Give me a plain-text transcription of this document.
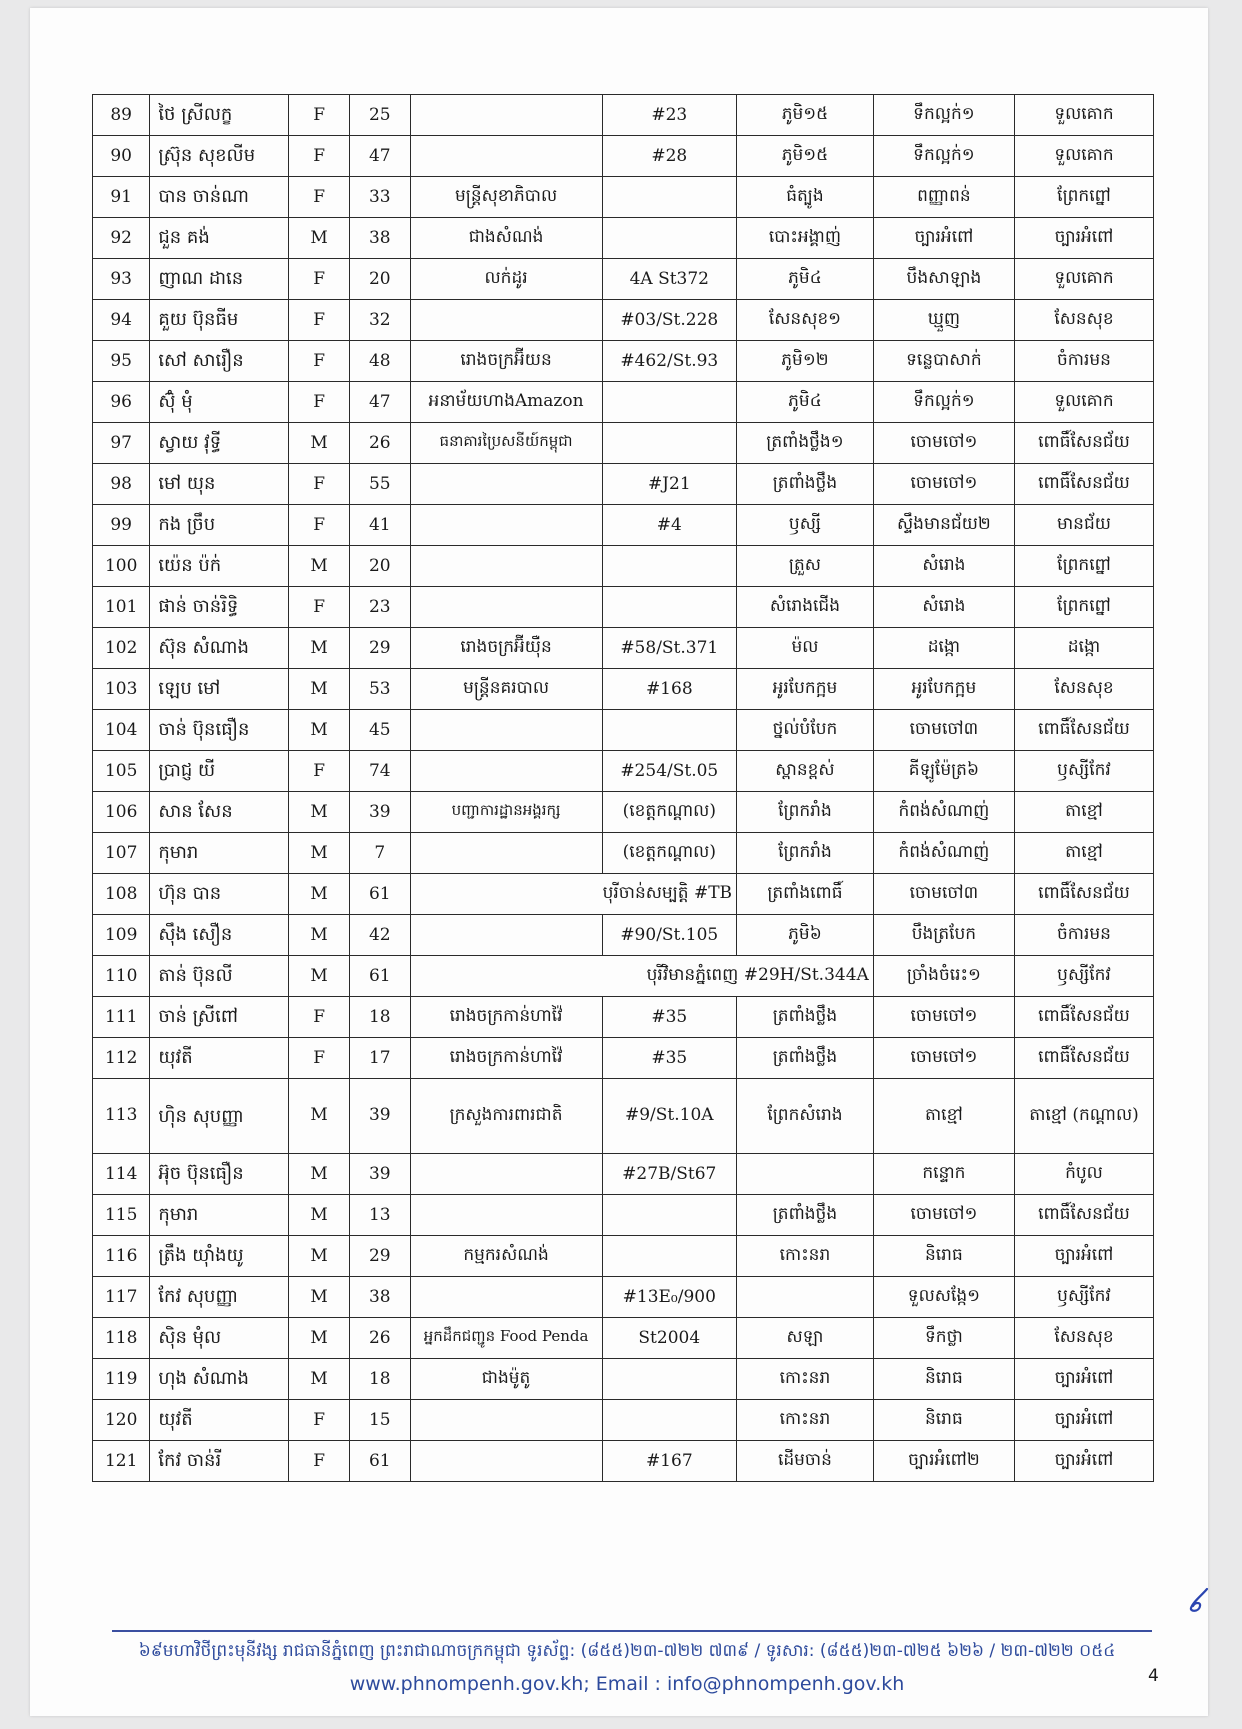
89	ថៃ ស្រីលក្ខ	F	25		#23	ភូមិ១៥	ទឹកល្អក់១	ទួលគោក
90	ស៊្រុន សុខលីម	F	47		#28	ភូមិ១៥	ទឹកល្អក់១	ទួលគោក
91	បាន ចាន់ណា	F	33	មន្ត្រីសុខាភិបាល		ធំត្បូង	ពញ្ញាពន់	ព្រែកព្នៅ
92	ជួន គង់	M	38	ជាងសំណង់		បោះអង្គាញ់	ច្បារអំពៅ	ច្បារអំពៅ
93	ញាណ ដានេ	F	20	លក់ដូរ	4A St372	ភូមិ៤	បឹងសាឡាង	ទួលគោក
94	គួយ ប៊ុនធីម	F	32		#03/St.228	សែនសុខ១	ឃ្មួញ	សែនសុខ
95	សៅ សារឿន	F	48	រោងចក្រអ៊ីយន	#462/St.93	ភូមិ១២	ទន្លេបាសាក់	ចំការមន
96	ស៊ុំ មុំ	F	47	អនាម័យហាងAmazon		ភូមិ៤	ទឹកល្អក់១	ទួលគោក
97	ស្វាយ វុទ្ធី	M	26	ធនាគារប្រៃសនីយ៍កម្ពុជា		ត្រពាំងថ្លឹង១	ចោមចៅ១	ពោធិ៍សែនជ័យ
98	មៅ យុន	F	55		#J21	ត្រពាំងថ្លឹង	ចោមចៅ១	ពោធិ៍សែនជ័យ
99	កង ច្រឹប	F	41		#4	ឫស្សី	ស្ទឹងមានជ័យ២	មានជ័យ
100	យ៉េន ប៉ក់	M	20			ត្រួស	សំរោង	ព្រែកព្នៅ
101	ផាន់ ចាន់រិទ្ធិ	F	23			សំរោងជើង	សំរោង	ព្រែកព្នៅ
102	ស៊ុន សំណាង	M	29	រោងចក្រអ៊ីយ៉ឺន	#58/St.371	ម៉ល	ដង្កោ	ដង្កោ
103	ឡេប មៅ	M	53	មន្ត្រីនគរបាល	#168	អូរបែកក្អម	អូរបែកក្អម	សែនសុខ
104	ចាន់ ប៊ុនធឿន	M	45			ថ្នល់បំបែក	ចោមចៅ៣	ពោធិ៍សែនជ័យ
105	ប្រាជ្ញ យី	F	74		#254/St.05	ស្ពានខ្ពស់	គីឡូម៉ែត្រ៦	ឫស្សីកែវ
106	សាន សែន	M	39	បញ្ជាការដ្ឋានអង្គរក្ស	(ខេត្តកណ្តាល)	ព្រែករាំង	កំពង់សំណាញ់	តាខ្មៅ
107	កុមារា	M	7		(ខេត្តកណ្តាល)	ព្រែករាំង	កំពង់សំណាញ់	តាខ្មៅ
108	ហ៊ុន បាន	M	61	បុរីចាន់សម្បត្តិ #TB		ត្រពាំងពោធិ៍	ចោមចៅ៣	ពោធិ៍សែនជ័យ
109	ស៊ឹង សឿន	M	42		#90/St.105	ភូមិ៦	បឹងត្របែក	ចំការមន
110	តាន់ ប៊ុនលី	M	61	បុរីវិមានភ្នំពេញ #29H/St.344A			ច្រាំងចំរេះ១	ឫស្សីកែវ
111	ចាន់ ស្រីពៅ	F	18	រោងចក្រកាន់ហាវ៉ៃ	#35	ត្រពាំងថ្លឹង	ចោមចៅ១	ពោធិ៍សែនជ័យ
112	យុវតី	F	17	រោងចក្រកាន់ហាវ៉ៃ	#35	ត្រពាំងថ្លឹង	ចោមចៅ១	ពោធិ៍សែនជ័យ
113	ហ៊ិន សុបញ្ញា	M	39	ក្រសួងការពារជាតិ	#9/St.10A	ព្រែកសំរោង	តាខ្មៅ	តាខ្មៅ (កណ្តាល)
114	អ៊ុច ប៊ុនធឿន	M	39		#27B/St67		កន្ទោក	កំបូល
115	កុមារា	M	13			ត្រពាំងថ្លឹង	ចោមចៅ១	ពោធិ៍សែនជ័យ
116	ត្រឹង យ៉ាំងយូ	M	29	កម្មករសំណង់		កោះនរា	និរោធ	ច្បារអំពៅ
117	កែវ សុបញ្ញា	M	38		#13E₀/900		ទួលសង្កែ១	ឫស្សីកែវ
118	ស៊ិន មុំល	M	26	អ្នកដឹកជញ្ជូន Food Penda	St2004	សឡា	ទឹកថ្លា	សែនសុខ
119	ហុង សំណាង	M	18	ជាងម៉ូតូ		កោះនរា	និរោធ	ច្បារអំពៅ
120	យុវតី	F	15			កោះនរា	និរោធ	ច្បារអំពៅ
121	កែវ ចាន់រី	F	61		#167	ដើមចាន់	ច្បារអំពៅ២	ច្បារអំពៅ
៦៩មហាវិថីព្រះមុនីវង្ស រាជធានីភ្នំពេញ ព្រះរាជាណាចក្រកម្ពុជា ទូរស័ព្ទ: (៨៥៥)២៣-៧២២ ៧៣៩ / ទូរសារ: (៨៥៥)២៣-៧២៥ ៦២៦ / ២៣-៧២២ ០៥៤
www.phnompenh.gov.kh; Email : info@phnompenh.gov.kh	4
